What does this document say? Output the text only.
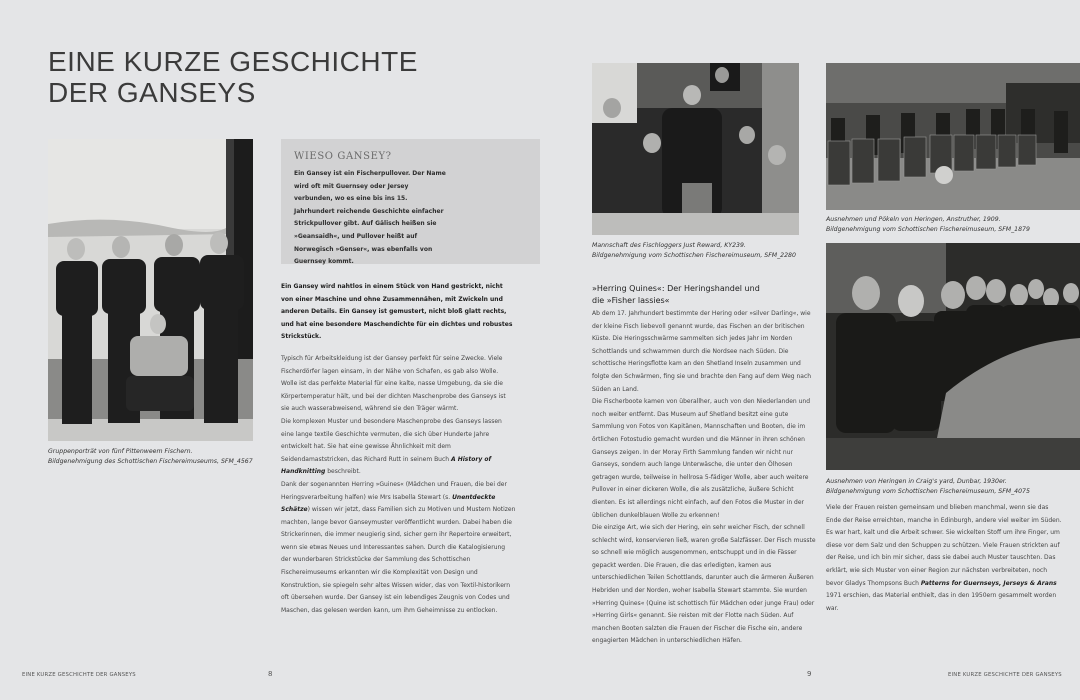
EINE KURZE GESCHICHTE
DER GANSEYS
Gruppenporträt von fünf Pittenweem Fischern.
Bildgenehmigung des Schottischen Fischereimuseums, SFM_4567
WIESO GANSEY?

Ein Gansey ist ein Fischerpullover. Der Name wird oft mit Guernsey oder Jersey verbunden, wo es eine bis ins 15. Jahrhundert reichende Geschichte einfacher Strickpullover gibt. Auf Gälisch heißen sie »Geansaidh«, und Pullover heißt auf Norwegisch »Genser«, was ebenfalls von Guernsey kommt.

Ein Gansey wird nahtlos in einem Stück von Hand gestrickt, nicht von einer Maschine und ohne Zusammennähen, mit Zwickeln und anderen Details. Ein Gansey ist gemustert, nicht bloß glatt rechts, und hat eine besondere Maschendichte für ein dichtes und robustes Strickstück.

Typisch für Arbeitskleidung ist der Gansey perfekt für seine Zwecke. Viele Fischerdörfer lagen einsam, in der Nähe von Schafen, es gab also Wolle. Wolle ist das perfekte Material für eine kalte, nasse Umgebung, da sie die Körpertemperatur hält, und bei der dichten Maschenprobe des Ganseys ist sie auch wasserabweisend, während sie den Träger wärmt.

Die komplexen Muster und besondere Maschenprobe des Ganseys lassen eine lange textile Geschichte vermuten, die sich über Hunderte Jahre entwickelt hat. Sie hat eine gewisse Ähnlichkeit mit dem Seidendamaststricken, das Richard Rutt in seinem Buch A History of Handknitting beschreibt.

Dank der sogenannten Herring »Guines« (Mädchen und Frauen, die bei der Heringsverarbeitung halfen) wie Mrs Isabella Stewart (s. Unentdeckte Schätze) wissen wir jetzt, dass Familien sich zu Motiven und Mustern Notizen machten, lange bevor Ganseymuster veröffentlicht wurden. Dabei haben die Strickerinnen, die immer neugierig sind, sicher gern ihr Repertoire erweitert, wenn sie etwas Neues und Interessantes sahen. Durch die Katalogisierung der wunderbaren Strickstücke der Sammlung des Schottischen Fischereimuseums erkannten wir die Komplexität von Design und Konstruktion, sie spiegeln sehr altes Wissen wider, das von Textil-historikern oft übersehen wurde. Der Gansey ist ein lebendiges Zeugnis von Codes und Maschen, das gelesen werden kann, um ihm Geheimnisse zu entlocken.

EINE KURZE GESCHICHTE DER GANSEYS	8
Mannschaft des Fischloggers Just Reward, KY239.
Bildgenehmigung vom Schottischen Fischereimuseum, SFM_2280
Ausnehmen und Pökeln von Heringen, Anstruther, 1909.
Bildgenehmigung vom Schottischen Fischereimuseum, SFM_1879
Ausnehmen von Heringen in Craig's yard, Dunbar, 1930er.
Bildgenehmigung vom Schottischen Fischereimuseum, SFM_4075
»Herring Quines«: Der Heringshandel und
die »Fisher lassies«

Ab dem 17. Jahrhundert bestimmte der Hering oder »silver Darling«, wie der kleine Fisch liebevoll genannt wurde, das Fischen an der britischen Küste. Die Heringsschwärme sammelten sich jedes Jahr im Norden Schottlands und schwammen durch die Nordsee nach Süden. Die schottische Heringsflotte kam an den Shetland Inseln zusammen und folgte den Schwärmen, fing sie und brachte den Fang auf dem Weg nach Süden an Land.

Die Fischerboote kamen von überallher, auch von den Niederlanden und noch weiter entfernt. Das Museum auf Shetland besitzt eine gute Sammlung von Fotos von Kapitänen, Mannschaften und Booten, die im örtlichen Fotostudio gemacht wurden und die Männer in ihren schönen Ganseys zeigen. In der Moray Firth Sammlung fanden wir nicht nur Ganseys, sondern auch lange Unterwäsche, die unter den Ölhosen getragen wurde, teilweise in hellrosa 5-fädiger Wolle, aber auch weitere Pullover in einer dickeren Wolle, die als zusätzliche, äußere Schicht dienten. Es ist allerdings nicht einfach, auf den Fotos die Muster in der üblichen dunkelblauen Wolle zu erkennen!

Die einzige Art, wie sich der Hering, ein sehr weicher Fisch, der schnell schlecht wird, konservieren ließ, waren große Salzfässer. Der Fisch musste so schnell wie möglich ausgenommen, entschuppt und in die Fässer gepackt werden. Die Frauen, die das erledigten, kamen aus unterschiedlichen Teilen Schottlands, darunter auch die ärmeren Äußeren Hebriden und der Norden, woher Isabella Stewart stammte. Sie wurden »Herring Quines« (Quine ist schottisch für Mädchen oder junge Frau) oder »Herring Girls« genannt. Sie reisten mit der Flotte nach Süden. Auf manchen Booten salzten die Frauen der Fischer die Fische ein, andere engagierten Mädchen in unterschiedlichen Häfen.

Viele der Frauen reisten gemeinsam und blieben manchmal, wenn sie das Ende der Reise erreichten, manche in Edinburgh, andere viel weiter im Süden. Es war hart, kalt und die Arbeit schwer. Sie wickelten Stoff um ihre Finger, um diese vor dem Salz und den Schuppen zu schützen. Viele Frauen strickten auf der Reise, und ich bin mir sicher, dass sie dabei auch Muster tauschten. Das erklärt, wie sich Muster von einer Region zur nächsten verbreiteten, noch bevor Gladys Thompsons Buch Patterns for Guernseys, Jerseys & Arans 1971 erschien, das Material enthielt, das in den 1950ern gesammelt worden war.

9	EINE KURZE GESCHICHTE DER GANSEYS
